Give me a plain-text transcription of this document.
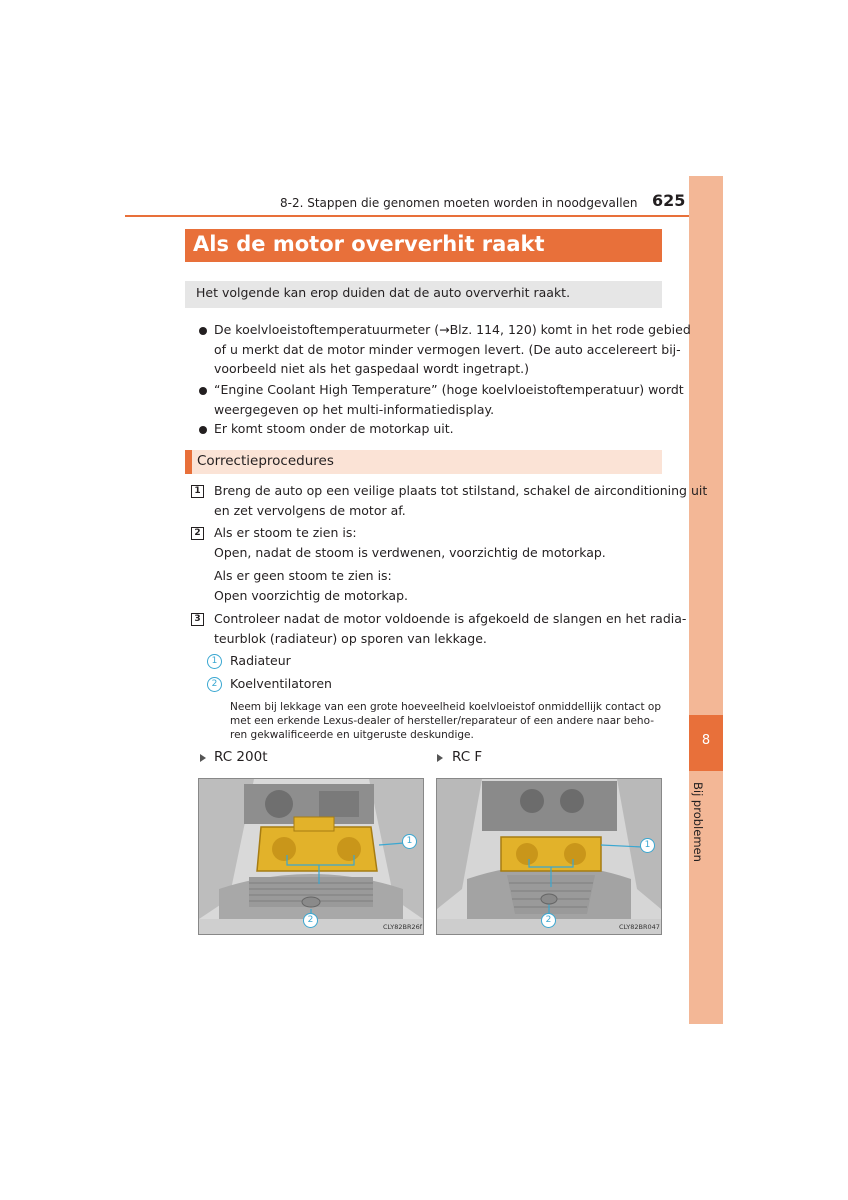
8-2. Stappen die genomen moeten worden in noodgevallen 625
8
Bij problemen
Als de motor oververhit raakt
Het volgende kan erop duiden dat de auto oververhit raakt.
De koelvloeistoftemperatuurmeter (→Blz. 114, 120) komt in het rode gebied
of u merkt dat de motor minder vermogen levert. (De auto accelereert bij-
voorbeeld niet als het gaspedaal wordt ingetrapt.)
“Engine Coolant High Temperature” (hoge koelvloeistoftemperatuur) wordt
weergegeven op het multi-informatiedisplay.
Er komt stoom onder de motorkap uit.
Correctieprocedures
1 Breng de auto op een veilige plaats tot stilstand, schakel de airconditioning uit
en zet vervolgens de motor af.
2 Als er stoom te zien is:
Open, nadat de stoom is verdwenen, voorzichtig de motorkap.
Als er geen stoom te zien is:
Open voorzichtig de motorkap.
3 Controleer nadat de motor voldoende is afgekoeld de slangen en het radia-
teurblok (radiateur) op sporen van lekkage.
1	Radiateur
2	Koelventilatoren
Neem bij lekkage van een grote hoeveelheid koelvloeistof onmiddellijk contact op
met een erkende Lexus-dealer of hersteller/reparateur of een andere naar beho-
ren gekwalificeerde en uitgeruste deskundige.
RC 200t	RC F
1
2
CLY82BR26f
1
2
CLY82BR047
